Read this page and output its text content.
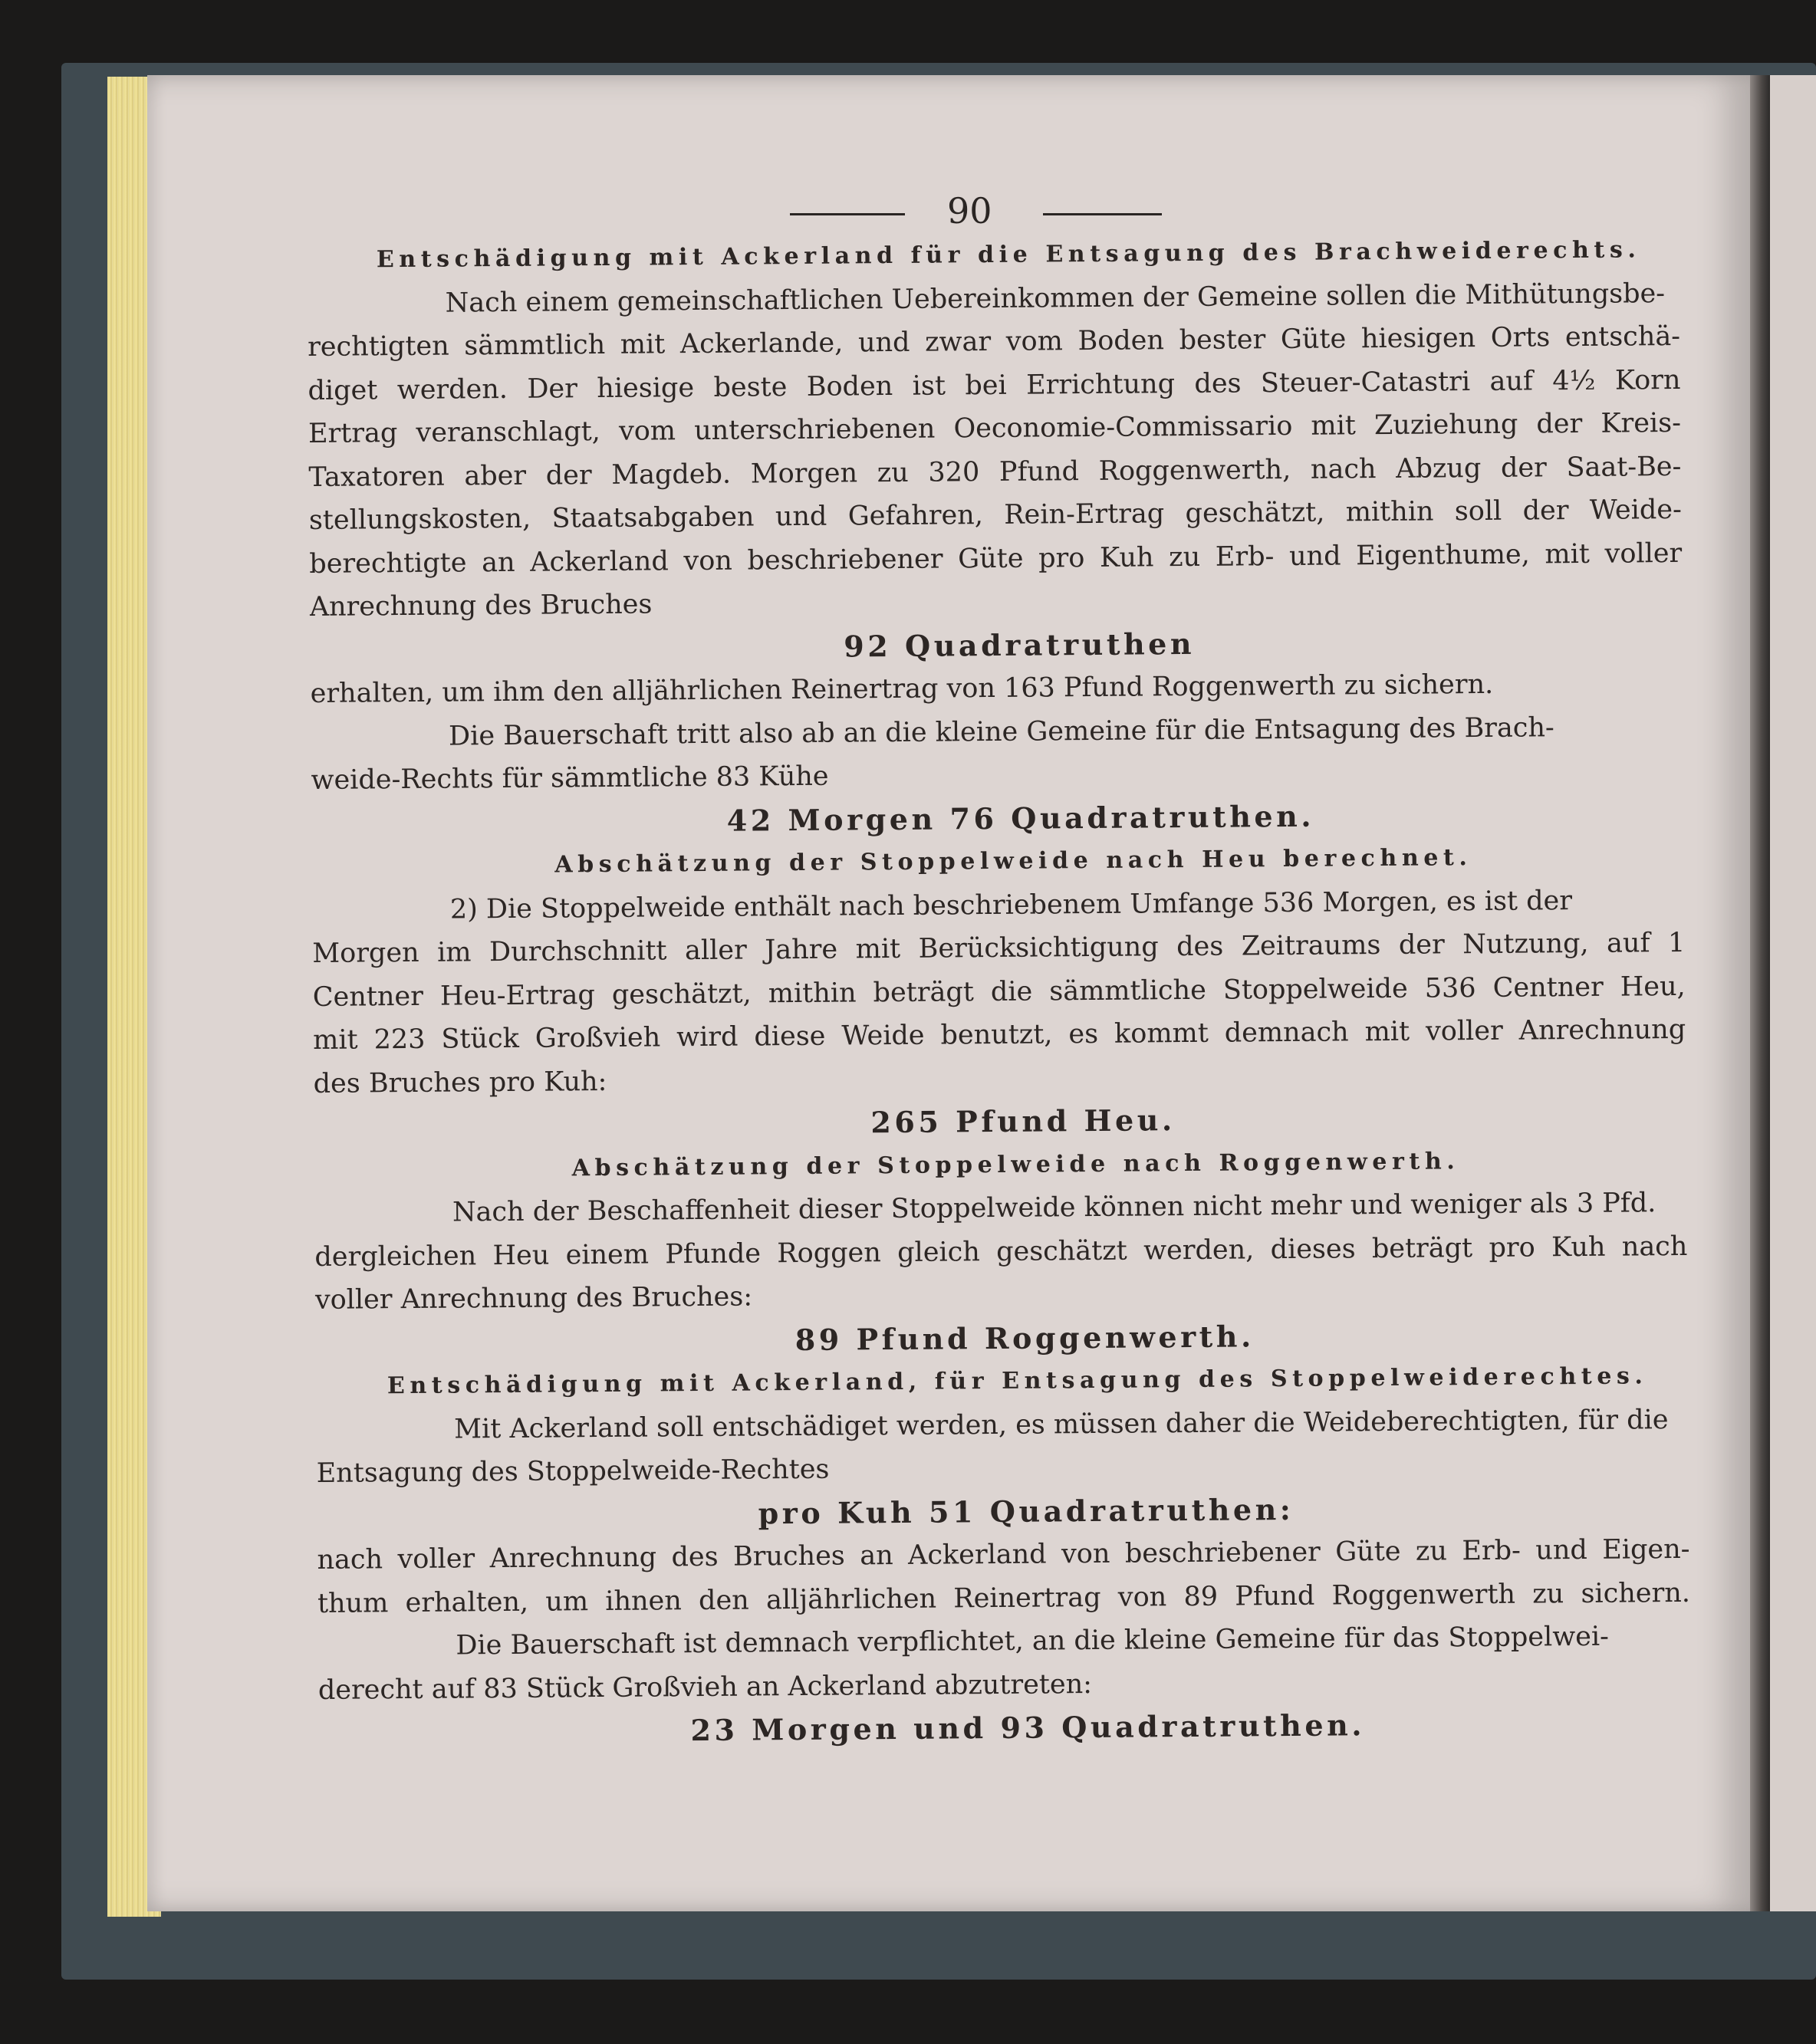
90
Entschädigung mit Ackerland für die Entsagung des Brachweiderechts.
Nach einem gemeinschaftlichen Uebereinkommen der Gemeine sollen die Mithütungsbe-
rechtigten sämmtlich mit Ackerlande, und zwar vom Boden bester Güte hiesigen Orts entschä-
diget werden. Der hiesige beste Boden ist bei Errichtung des Steuer-Catastri auf 4½ Korn
Ertrag veranschlagt, vom unterschriebenen Oeconomie-Commissario mit Zuziehung der Kreis-
Taxatoren aber der Magdeb. Morgen zu 320 Pfund Roggenwerth, nach Abzug der Saat-Be-
stellungskosten, Staatsabgaben und Gefahren, Rein-Ertrag geschätzt, mithin soll der Weide-
berechtigte an Ackerland von beschriebener Güte pro Kuh zu Erb- und Eigenthume, mit voller
Anrechnung des Bruches
92 Quadratruthen
erhalten, um ihm den alljährlichen Reinertrag von 163 Pfund Roggenwerth zu sichern.
Die Bauerschaft tritt also ab an die kleine Gemeine für die Entsagung des Brach-
weide-Rechts für sämmtliche 83 Kühe
42 Morgen 76 Quadratruthen.
Abschätzung der Stoppelweide nach Heu berechnet.
2) Die Stoppelweide enthält nach beschriebenem Umfange 536 Morgen, es ist der
Morgen im Durchschnitt aller Jahre mit Berücksichtigung des Zeitraums der Nutzung, auf 1
Centner Heu-Ertrag geschätzt, mithin beträgt die sämmtliche Stoppelweide 536 Centner Heu,
mit 223 Stück Großvieh wird diese Weide benutzt, es kommt demnach mit voller Anrechnung
des Bruches pro Kuh:
265 Pfund Heu.
Abschätzung der Stoppelweide nach Roggenwerth.
Nach der Beschaffenheit dieser Stoppelweide können nicht mehr und weniger als 3 Pfd.
dergleichen Heu einem Pfunde Roggen gleich geschätzt werden, dieses beträgt pro Kuh nach
voller Anrechnung des Bruches:
89 Pfund Roggenwerth.
Entschädigung mit Ackerland, für Entsagung des Stoppelweiderechtes.
Mit Ackerland soll entschädiget werden, es müssen daher die Weideberechtigten, für die
Entsagung des Stoppelweide-Rechtes
pro Kuh 51 Quadratruthen:
nach voller Anrechnung des Bruches an Ackerland von beschriebener Güte zu Erb- und Eigen-
thum erhalten, um ihnen den alljährlichen Reinertrag von 89 Pfund Roggenwerth zu sichern.
Die Bauerschaft ist demnach verpflichtet, an die kleine Gemeine für das Stoppelwei-
derecht auf 83 Stück Großvieh an Ackerland abzutreten:
23 Morgen und 93 Quadratruthen.
